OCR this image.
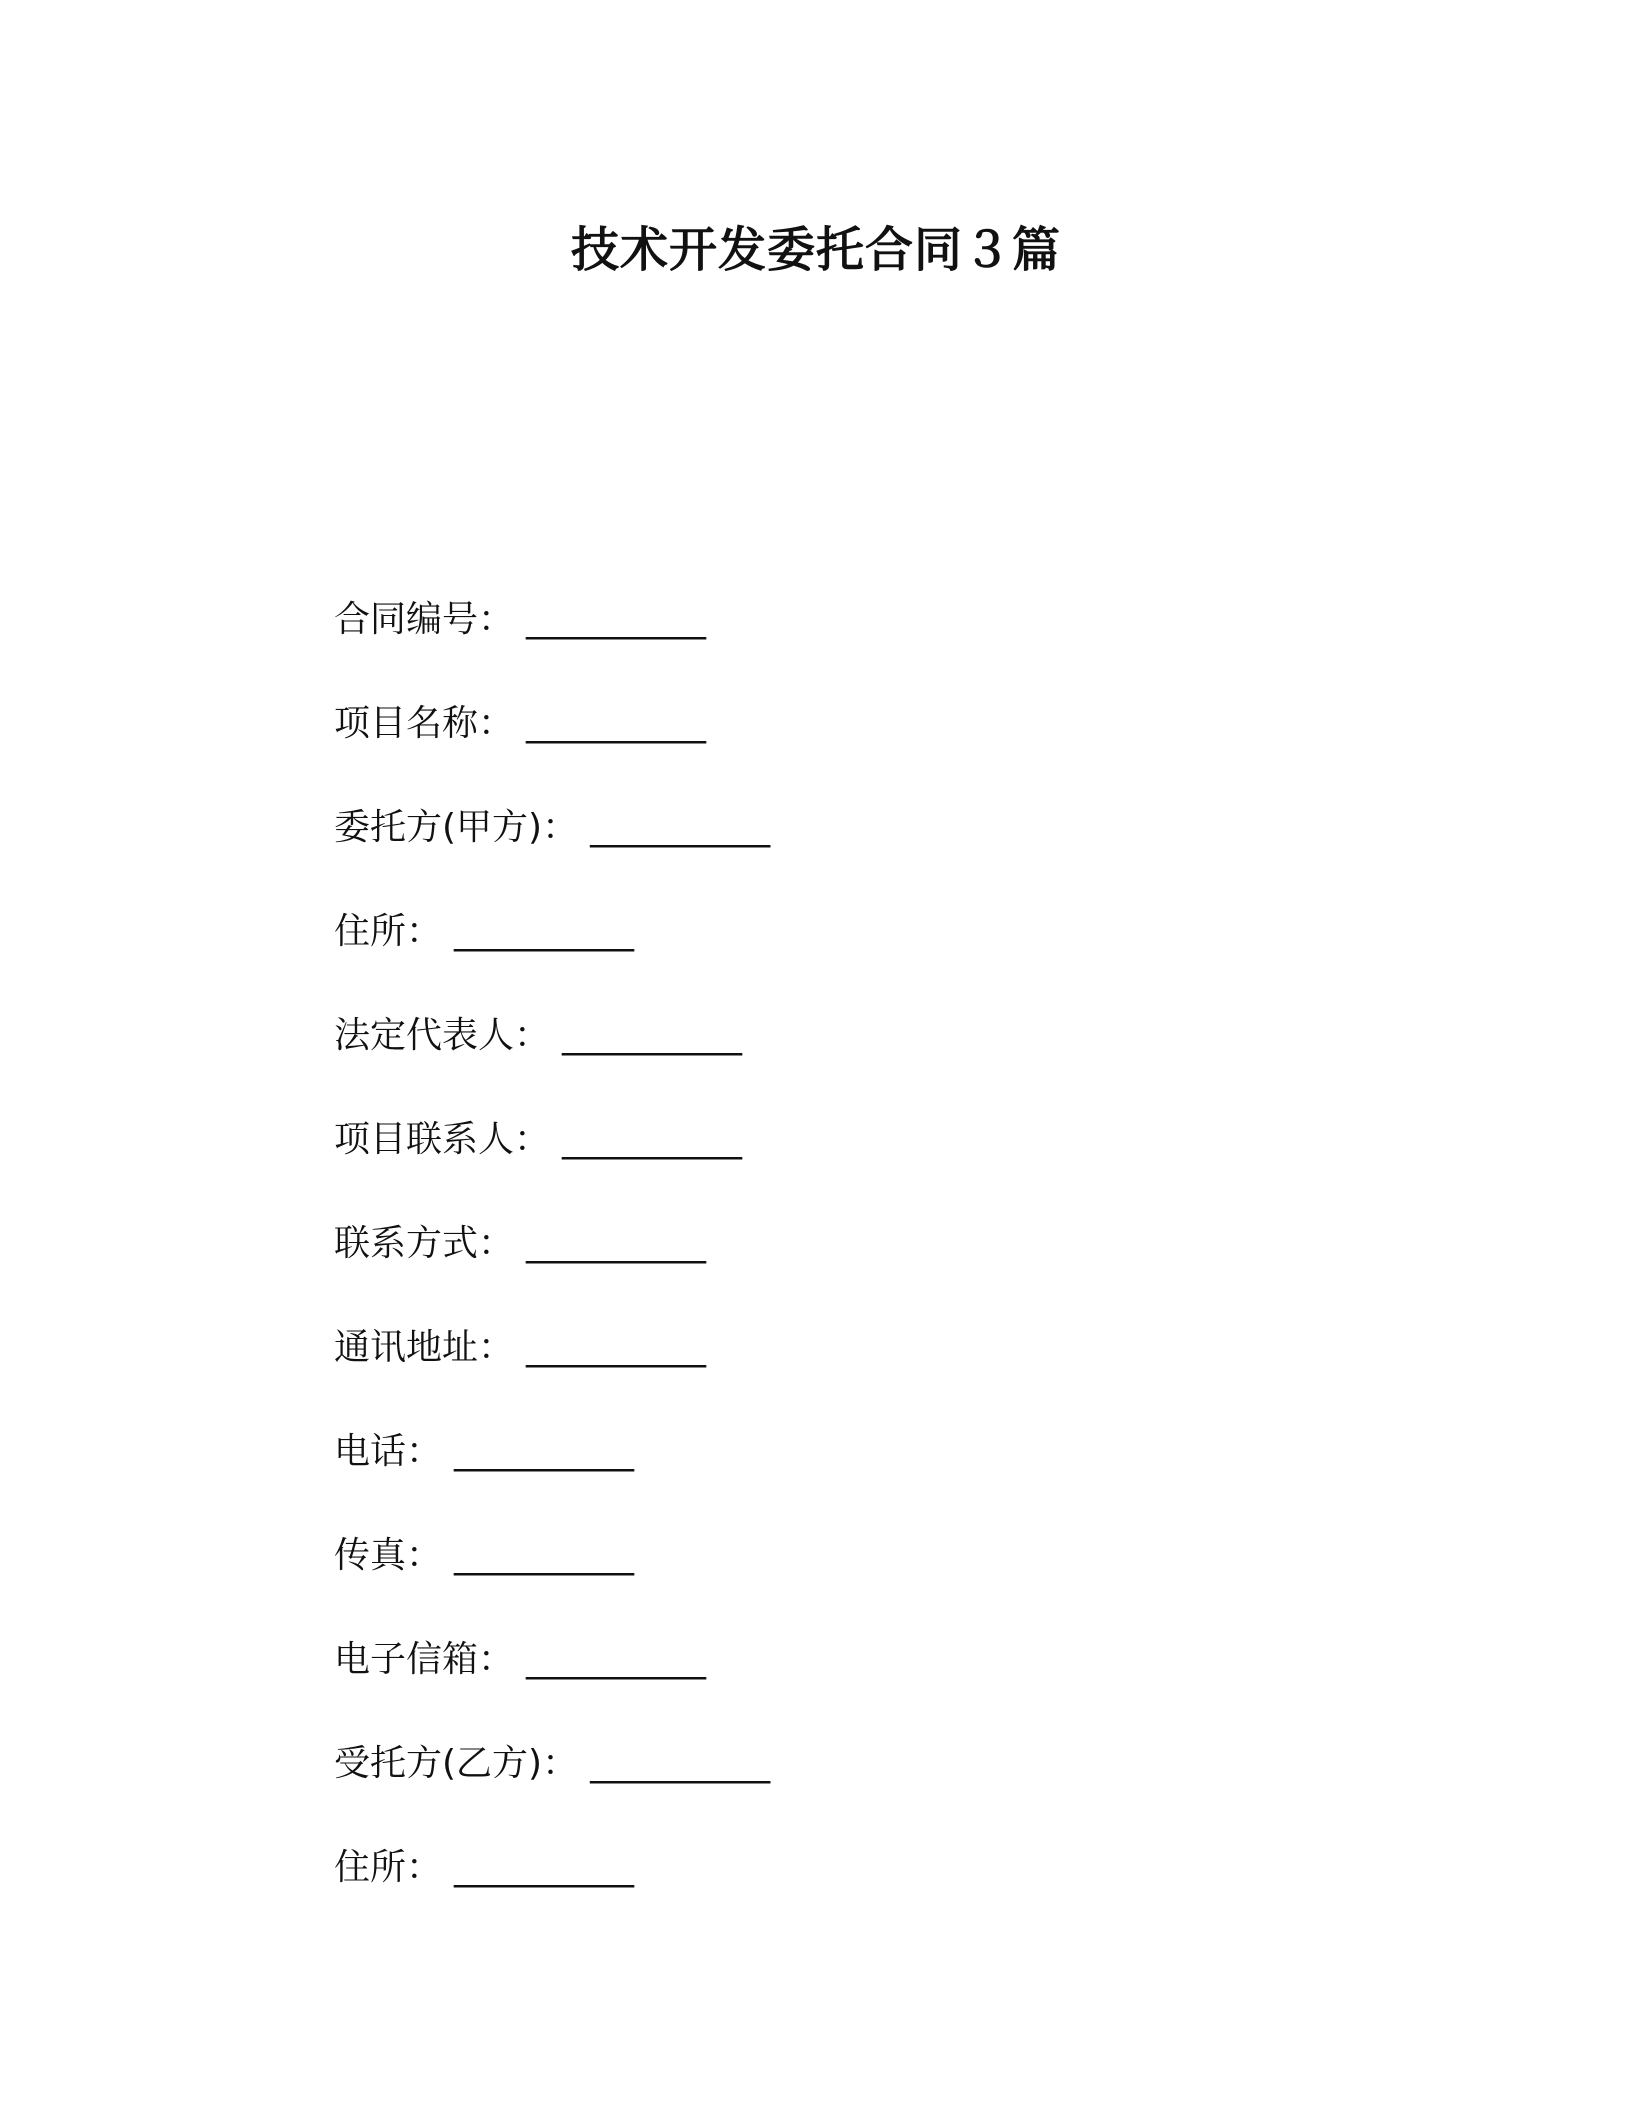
技术开发委托合同３篇
合同编号： __________
项目名称： __________
委托方(甲方)： __________
住所： __________
法定代表人： __________
项目联系人： __________
联系方式： __________
通讯地址： __________
电话： __________
传真： __________
电子信箱： __________
受托方(乙方)： __________
住所： __________
